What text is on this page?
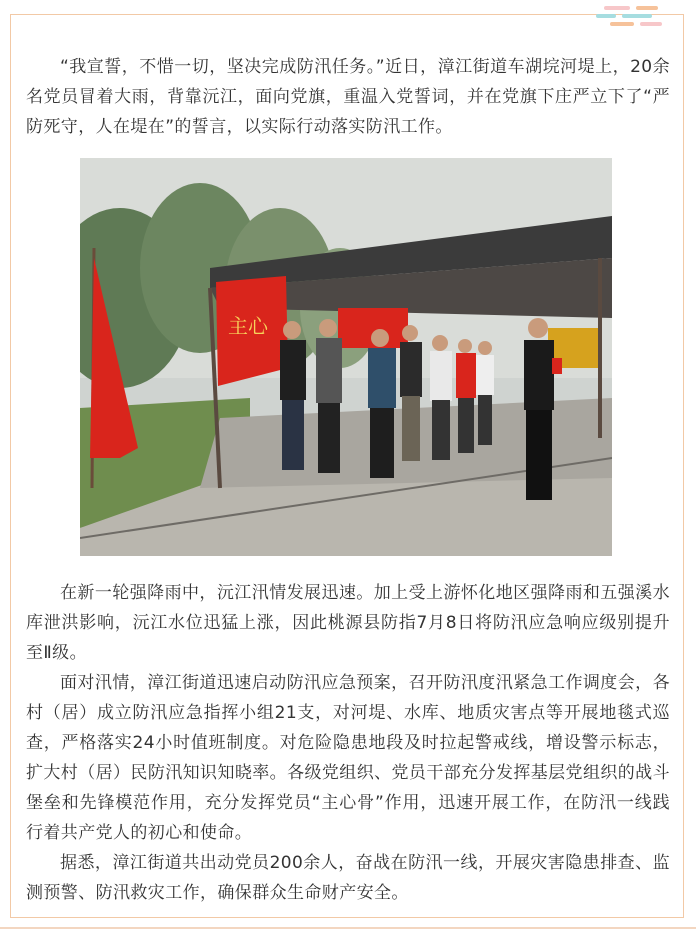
“我宣誓，不惜一切，坚决完成防汛任务。”近日，漳江街道车湖垸河堤上，20余名党员冒着大雨，背靠沅江，面向党旗，重温入党誓词，并在党旗下庄严立下了“严防死守，人在堤在”的誓言，以实际行动落实防汛工作。

主心

在新一轮强降雨中，沅江汛情发展迅速。加上受上游怀化地区强降雨和五强溪水库泄洪影响，沅江水位迅猛上涨，因此桃源县防指7月8日将防汛应急响应级别提升至Ⅱ级。

面对汛情，漳江街道迅速启动防汛应急预案，召开防汛度汛紧急工作调度会，各村（居）成立防汛应急指挥小组21支，对河堤、水库、地质灾害点等开展地毯式巡查，严格落实24小时值班制度。对危险隐患地段及时拉起警戒线，增设警示标志，扩大村（居）民防汛知识知晓率。各级党组织、党员干部充分发挥基层党组织的战斗堡垒和先锋模范作用，充分发挥党员“主心骨”作用，迅速开展工作，在防汛一线践行着共产党人的初心和使命。

据悉，漳江街道共出动党员200余人，奋战在防汛一线，开展灾害隐患排查、监测预警、防汛救灾工作，确保群众生命财产安全。
